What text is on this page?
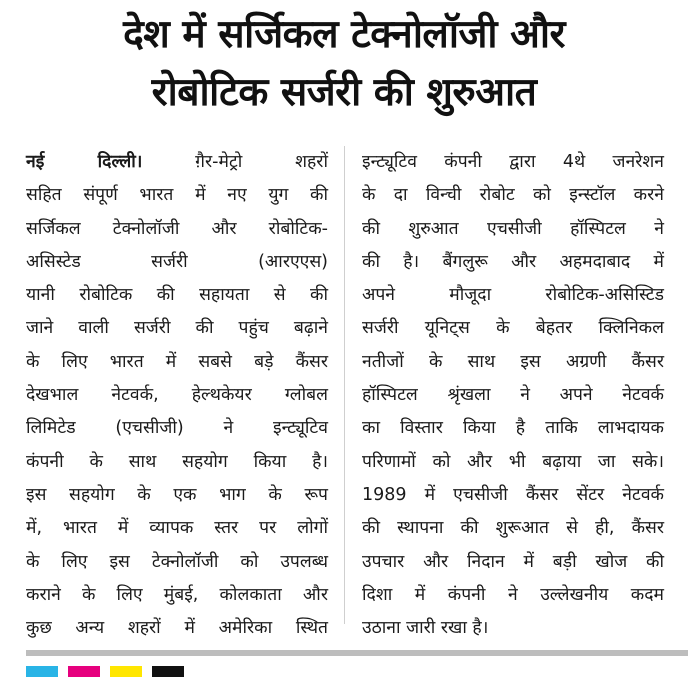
देश में सर्जिकल टेक्नोलॉजी और
रोबोटिक सर्जरी की शुरुआत
नई दिल्ली। ग़ैर-मेट्रो शहरों
सहित संपूर्ण भारत में नए युग की
सर्जिकल टेक्नोलॉजी और रोबोटिक-
असिस्टेड सर्जरी (आरएएस)
यानी रोबोटिक की सहायता से की
जाने वाली सर्जरी की पहुंच बढ़ाने
के लिए भारत में सबसे बड़े कैंसर
देखभाल नेटवर्क, हेल्थकेयर ग्लोबल
लिमिटेड (एचसीजी) ने इन्ट्यूटिव
कंपनी के साथ सहयोग किया है।
इस सहयोग के एक भाग के रूप
में, भारत में व्यापक स्तर पर लोगों
के लिए इस टेक्नोलॉजी को उपलब्ध
कराने के लिए मुंबई, कोलकाता और
कुछ अन्य शहरों में अमेरिका स्थित
इन्ट्यूटिव कंपनी द्वारा 4थे जनरेशन
के दा विन्ची रोबोट को इन्स्टॉल करने
की शुरुआत एचसीजी हॉस्पिटल ने
की है। बैंगलुरू और अहमदाबाद में
अपने मौजूदा रोबोटिक-असिस्टिड
सर्जरी यूनिट्स के बेहतर क्लिनिकल
नतीजों के साथ इस अग्रणी कैंसर
हॉस्पिटल श्रृंखला ने अपने नेटवर्क
का विस्तार किया है ताकि लाभदायक
परिणामों को और भी बढ़ाया जा सके।
1989 में एचसीजी कैंसर सेंटर नेटवर्क
की स्थापना की शुरूआत से ही, कैंसर
उपचार और निदान में बड़ी खोज की
दिशा में कंपनी ने उल्लेखनीय कदम
उठाना जारी रखा है।
